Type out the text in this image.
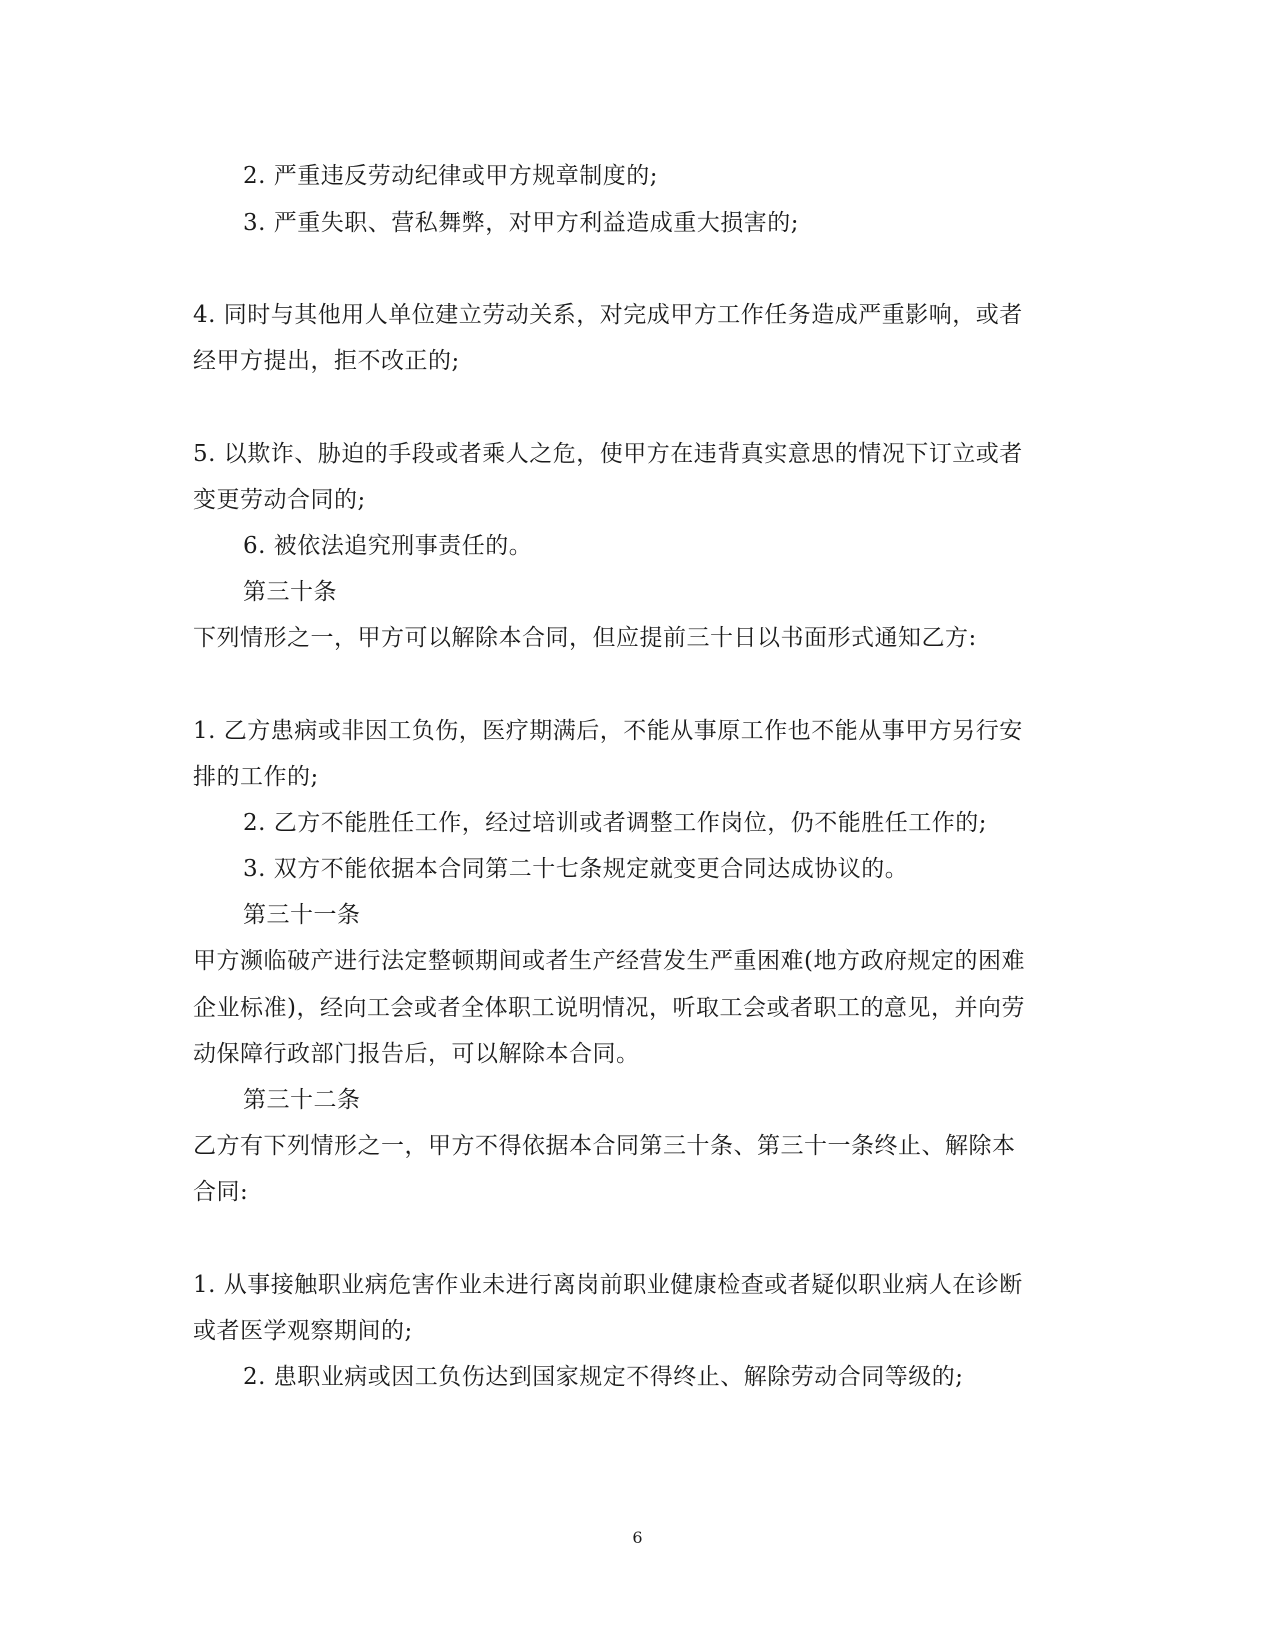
2. 严重违反劳动纪律或甲方规章制度的;
3. 严重失职、营私舞弊，对甲方利益造成重大损害的;
4. 同时与其他用人单位建立劳动关系，对完成甲方工作任务造成严重影响，或者
经甲方提出，拒不改正的;
5. 以欺诈、胁迫的手段或者乘人之危，使甲方在违背真实意思的情况下订立或者
变更劳动合同的;
6. 被依法追究刑事责任的。
第三十条
下列情形之一，甲方可以解除本合同，但应提前三十日以书面形式通知乙方:
1. 乙方患病或非因工负伤，医疗期满后，不能从事原工作也不能从事甲方另行安
排的工作的;
2. 乙方不能胜任工作，经过培训或者调整工作岗位，仍不能胜任工作的;
3. 双方不能依据本合同第二十七条规定就变更合同达成协议的。
第三十一条
甲方濒临破产进行法定整顿期间或者生产经营发生严重困难(地方政府规定的困难
企业标准)，经向工会或者全体职工说明情况，听取工会或者职工的意见，并向劳
动保障行政部门报告后，可以解除本合同。
第三十二条
乙方有下列情形之一，甲方不得依据本合同第三十条、第三十一条终止、解除本
合同:
1. 从事接触职业病危害作业未进行离岗前职业健康检查或者疑似职业病人在诊断
或者医学观察期间的;
2. 患职业病或因工负伤达到国家规定不得终止、解除劳动合同等级的;
6
